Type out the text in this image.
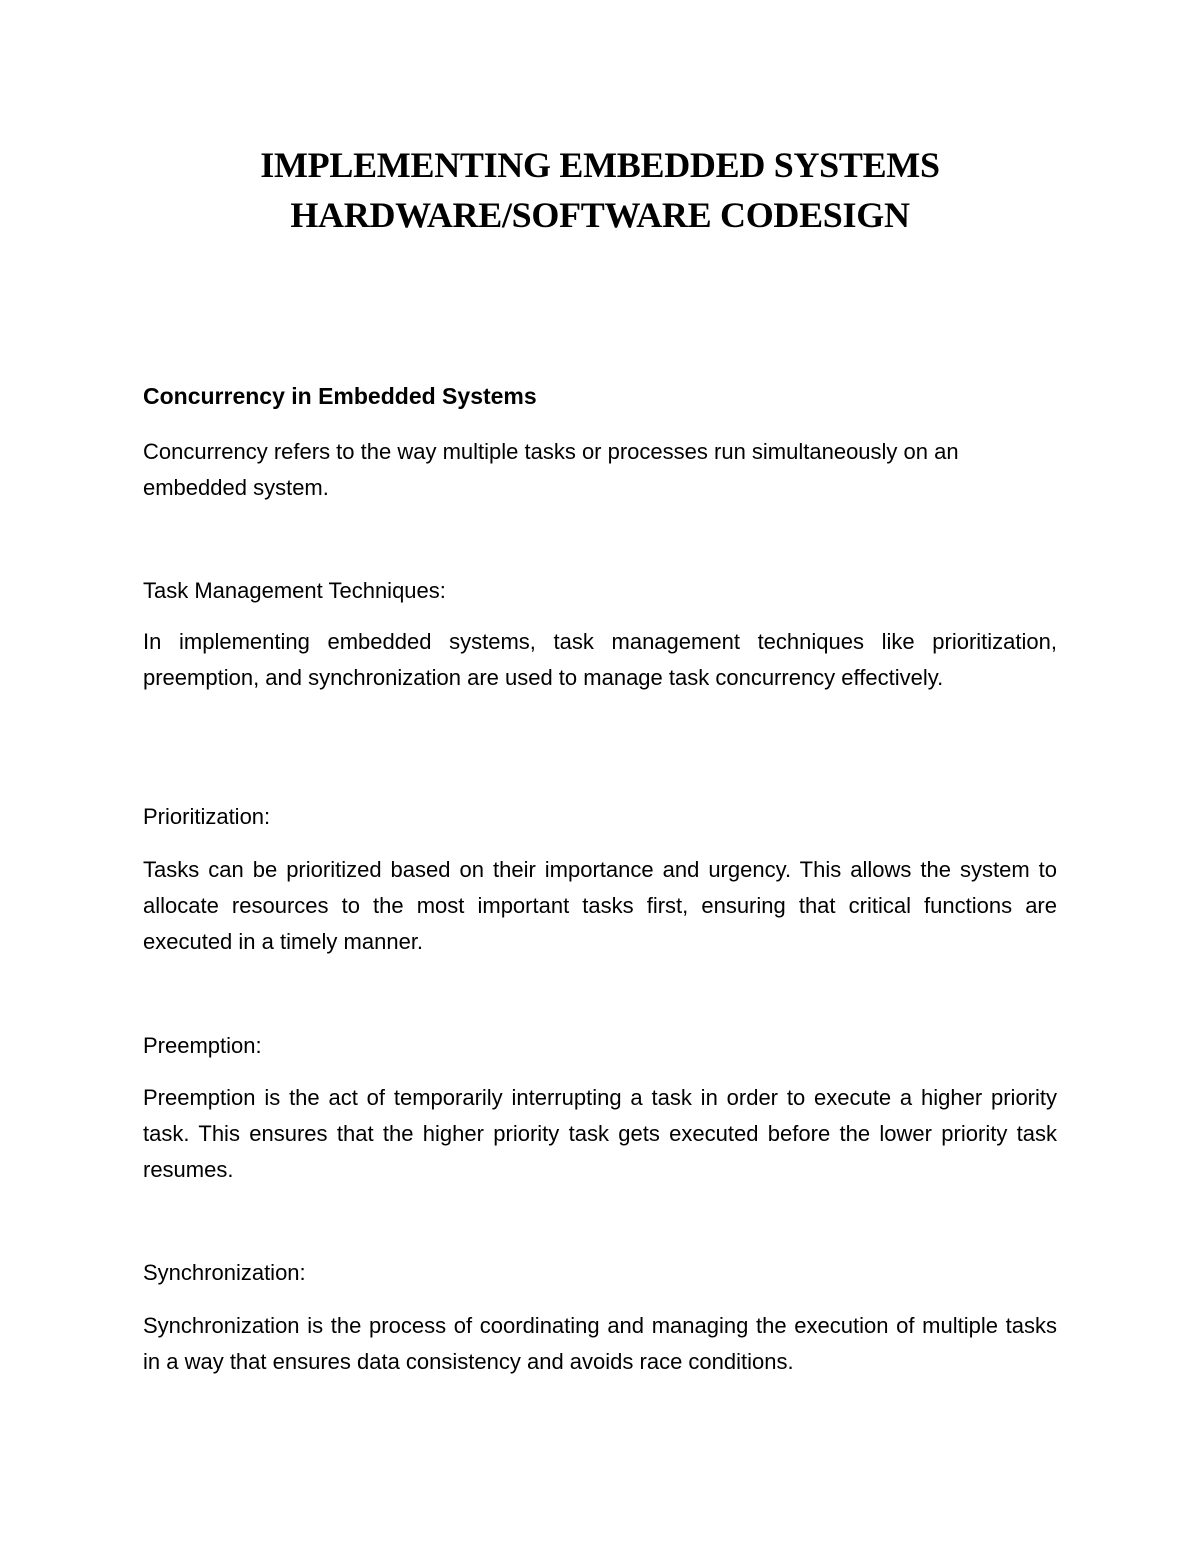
IMPLEMENTING EMBEDDED SYSTEMS
HARDWARE/SOFTWARE CODESIGN
Concurrency in Embedded Systems

Concurrency refers to the way multiple tasks or processes run simultaneously on an embedded system.

Task Management Techniques:

In implementing embedded systems, task management techniques like prioritization, preemption, and synchronization are used to manage task concurrency effectively.

Prioritization:

Tasks can be prioritized based on their importance and urgency. This allows the system to allocate resources to the most important tasks first, ensuring that critical functions are executed in a timely manner.

Preemption:

Preemption is the act of temporarily interrupting a task in order to execute a higher priority task. This ensures that the higher priority task gets executed before the lower priority task resumes.

Synchronization:

Synchronization is the process of coordinating and managing the execution of multiple tasks in a way that ensures data consistency and avoids race conditions.
